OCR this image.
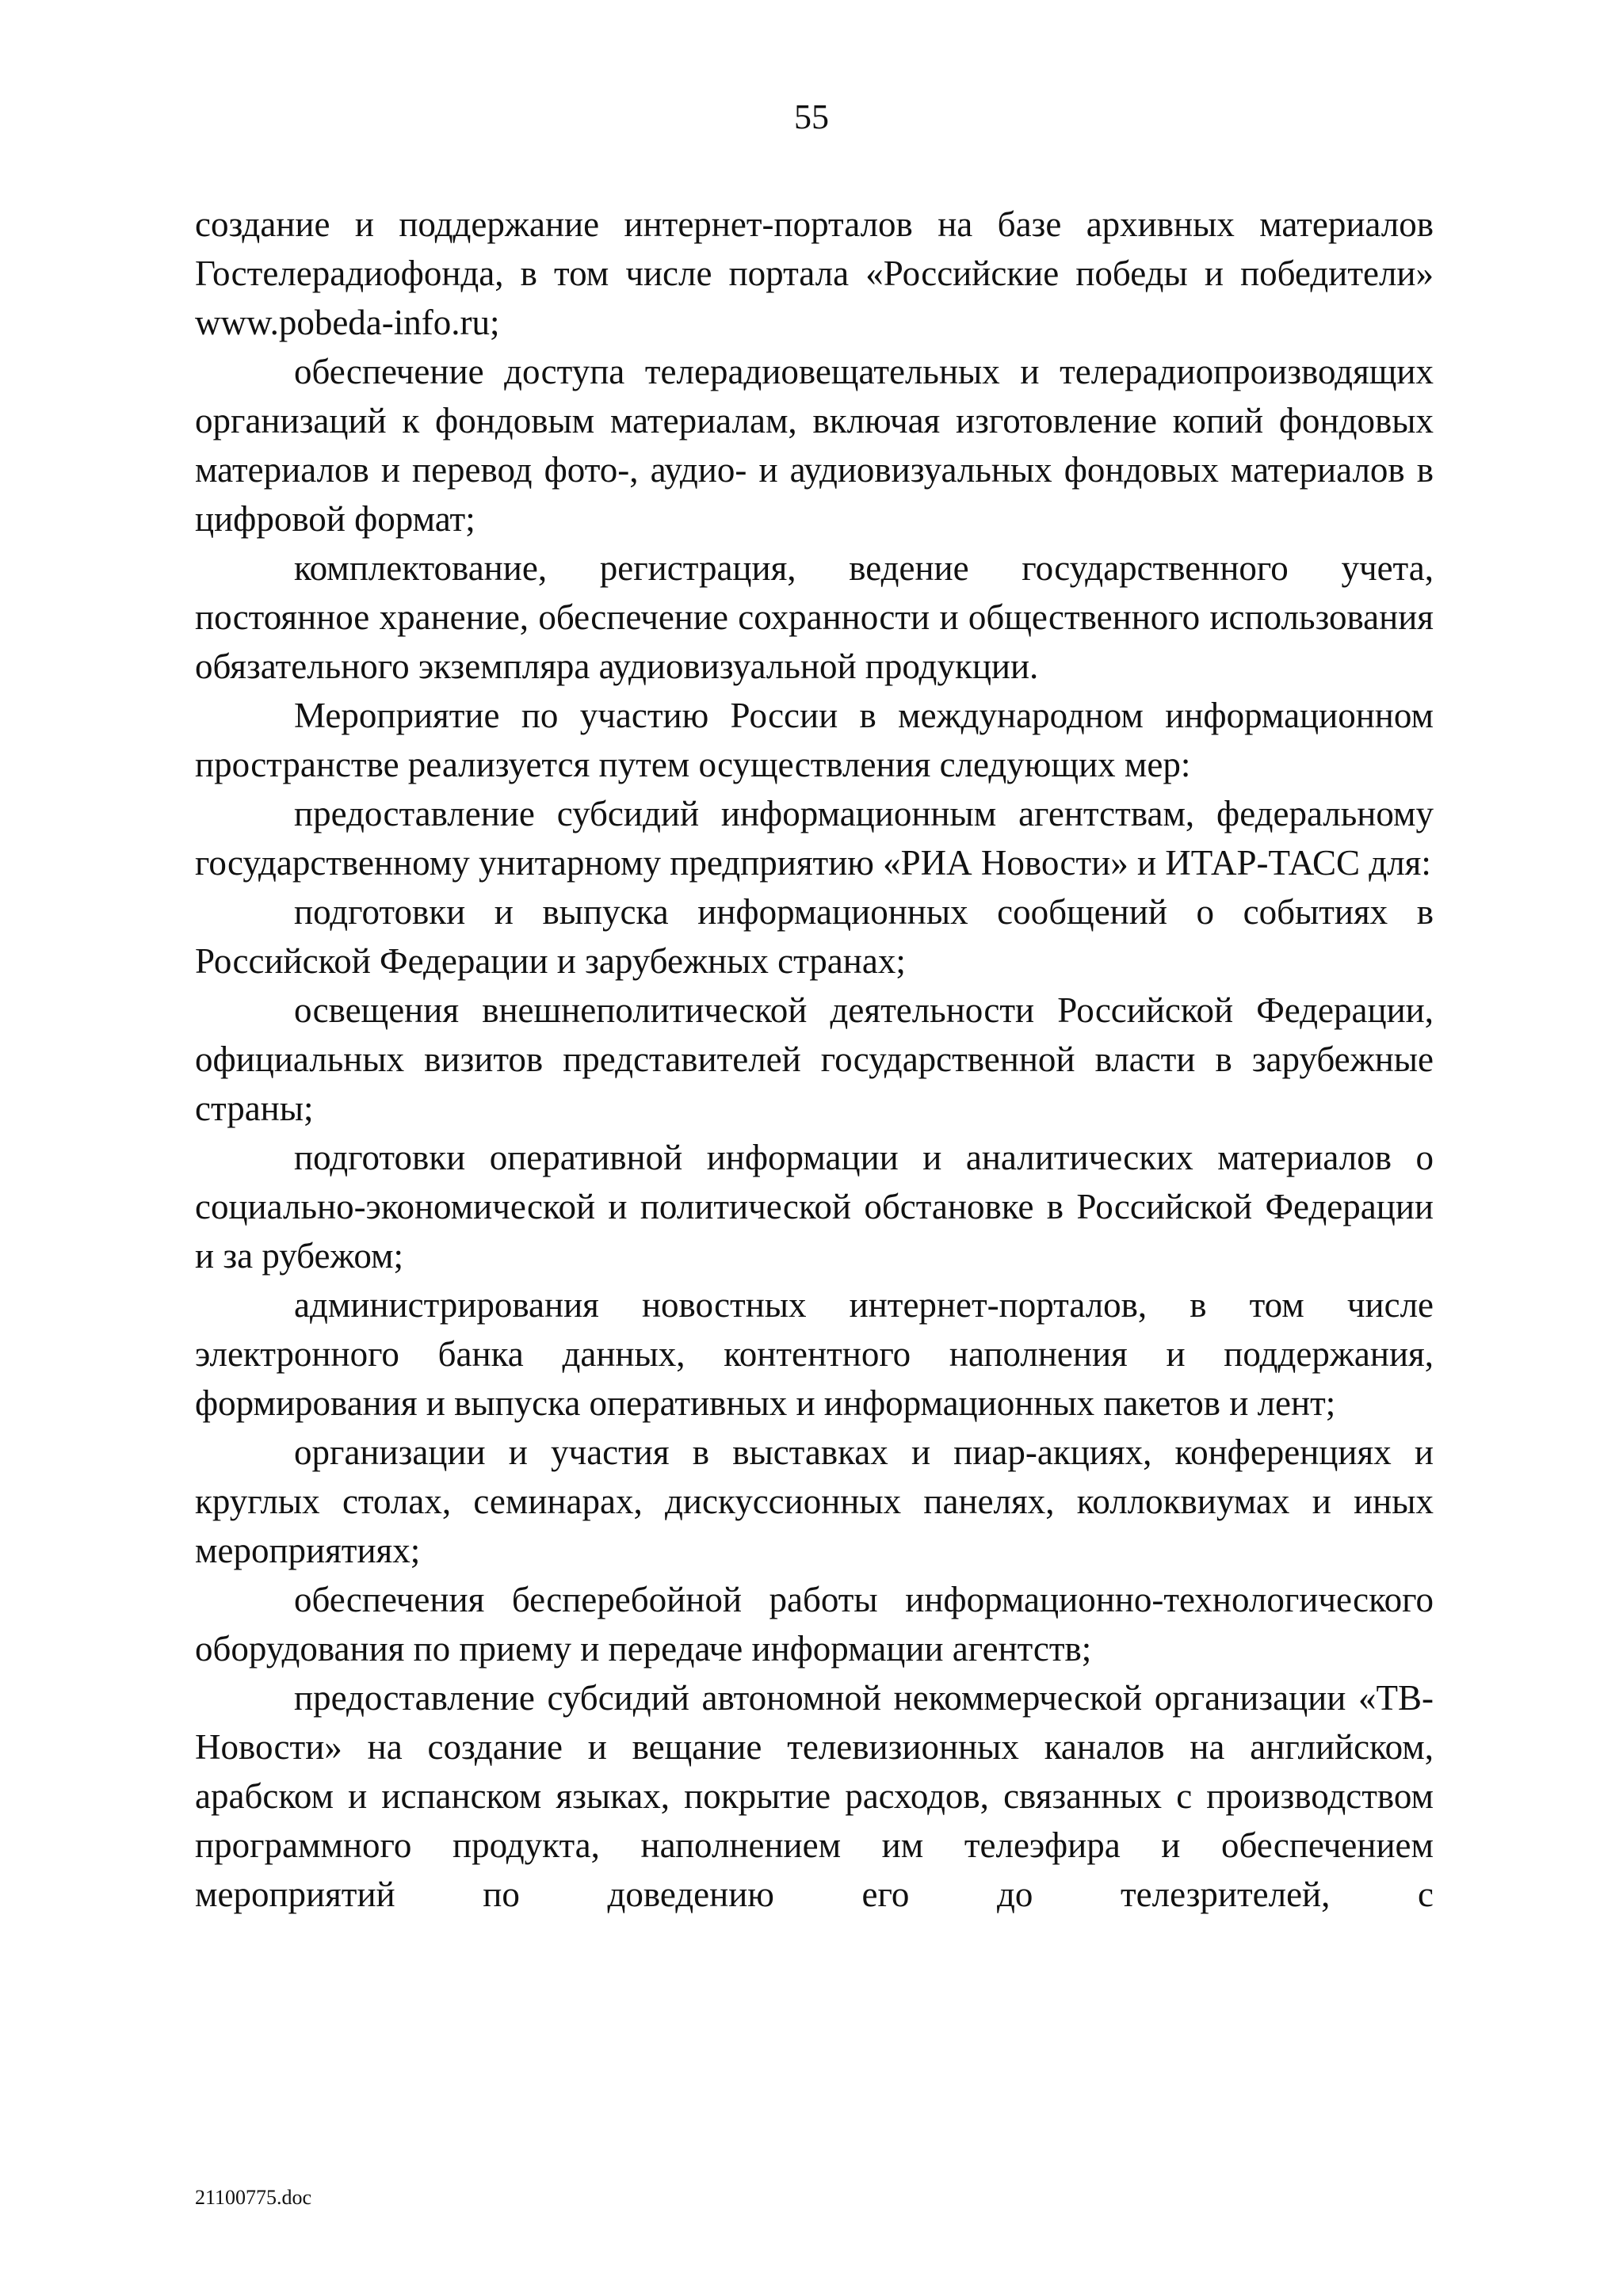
55

создание и поддержание интернет-порталов на базе архивных материалов Гостелерадиофонда, в том числе портала «Российские победы и победители» www.pobeda-info.ru;

обеспечение доступа телерадиовещательных и телерадиопроизводящих организаций к фондовым материалам, включая изготовление копий фондовых материалов и перевод фото-, аудио- и аудиовизуальных фондовых материалов в цифровой формат;

комплектование, регистрация, ведение государственного учета, постоянное хранение, обеспечение сохранности и общественного использования обязательного экземпляра аудиовизуальной продукции.

Мероприятие по участию России в международном информационном пространстве реализуется путем осуществления следующих мер:

предоставление субсидий информационным агентствам, федеральному государственному унитарному предприятию «РИА Новости» и ИТАР-ТАСС для:

подготовки и выпуска информационных сообщений о событиях в Российской Федерации и зарубежных странах;

освещения внешнеполитической деятельности Российской Федерации, официальных визитов представителей государственной власти в зарубежные страны;

подготовки оперативной информации и аналитических материалов о социально-экономической и политической обстановке в Российской Федерации и за рубежом;

администрирования новостных интернет-порталов, в том числе электронного банка данных, контентного наполнения и поддержания, формирования и выпуска оперативных и информационных пакетов и лент;

организации и участия в выставках и пиар-акциях, конференциях и круглых столах, семинарах, дискуссионных панелях, коллоквиумах и иных мероприятиях;

обеспечения бесперебойной работы информационно-технологического оборудования по приему и передаче информации агентств;

предоставление субсидий автономной некоммерческой организации «ТВ-Новости» на создание и вещание телевизионных каналов на английском, арабском и испанском языках, покрытие расходов, связанных с производством программного продукта, наполнением им телеэфира и обеспечением мероприятий по доведению его до телезрителей, с

21100775.doc
